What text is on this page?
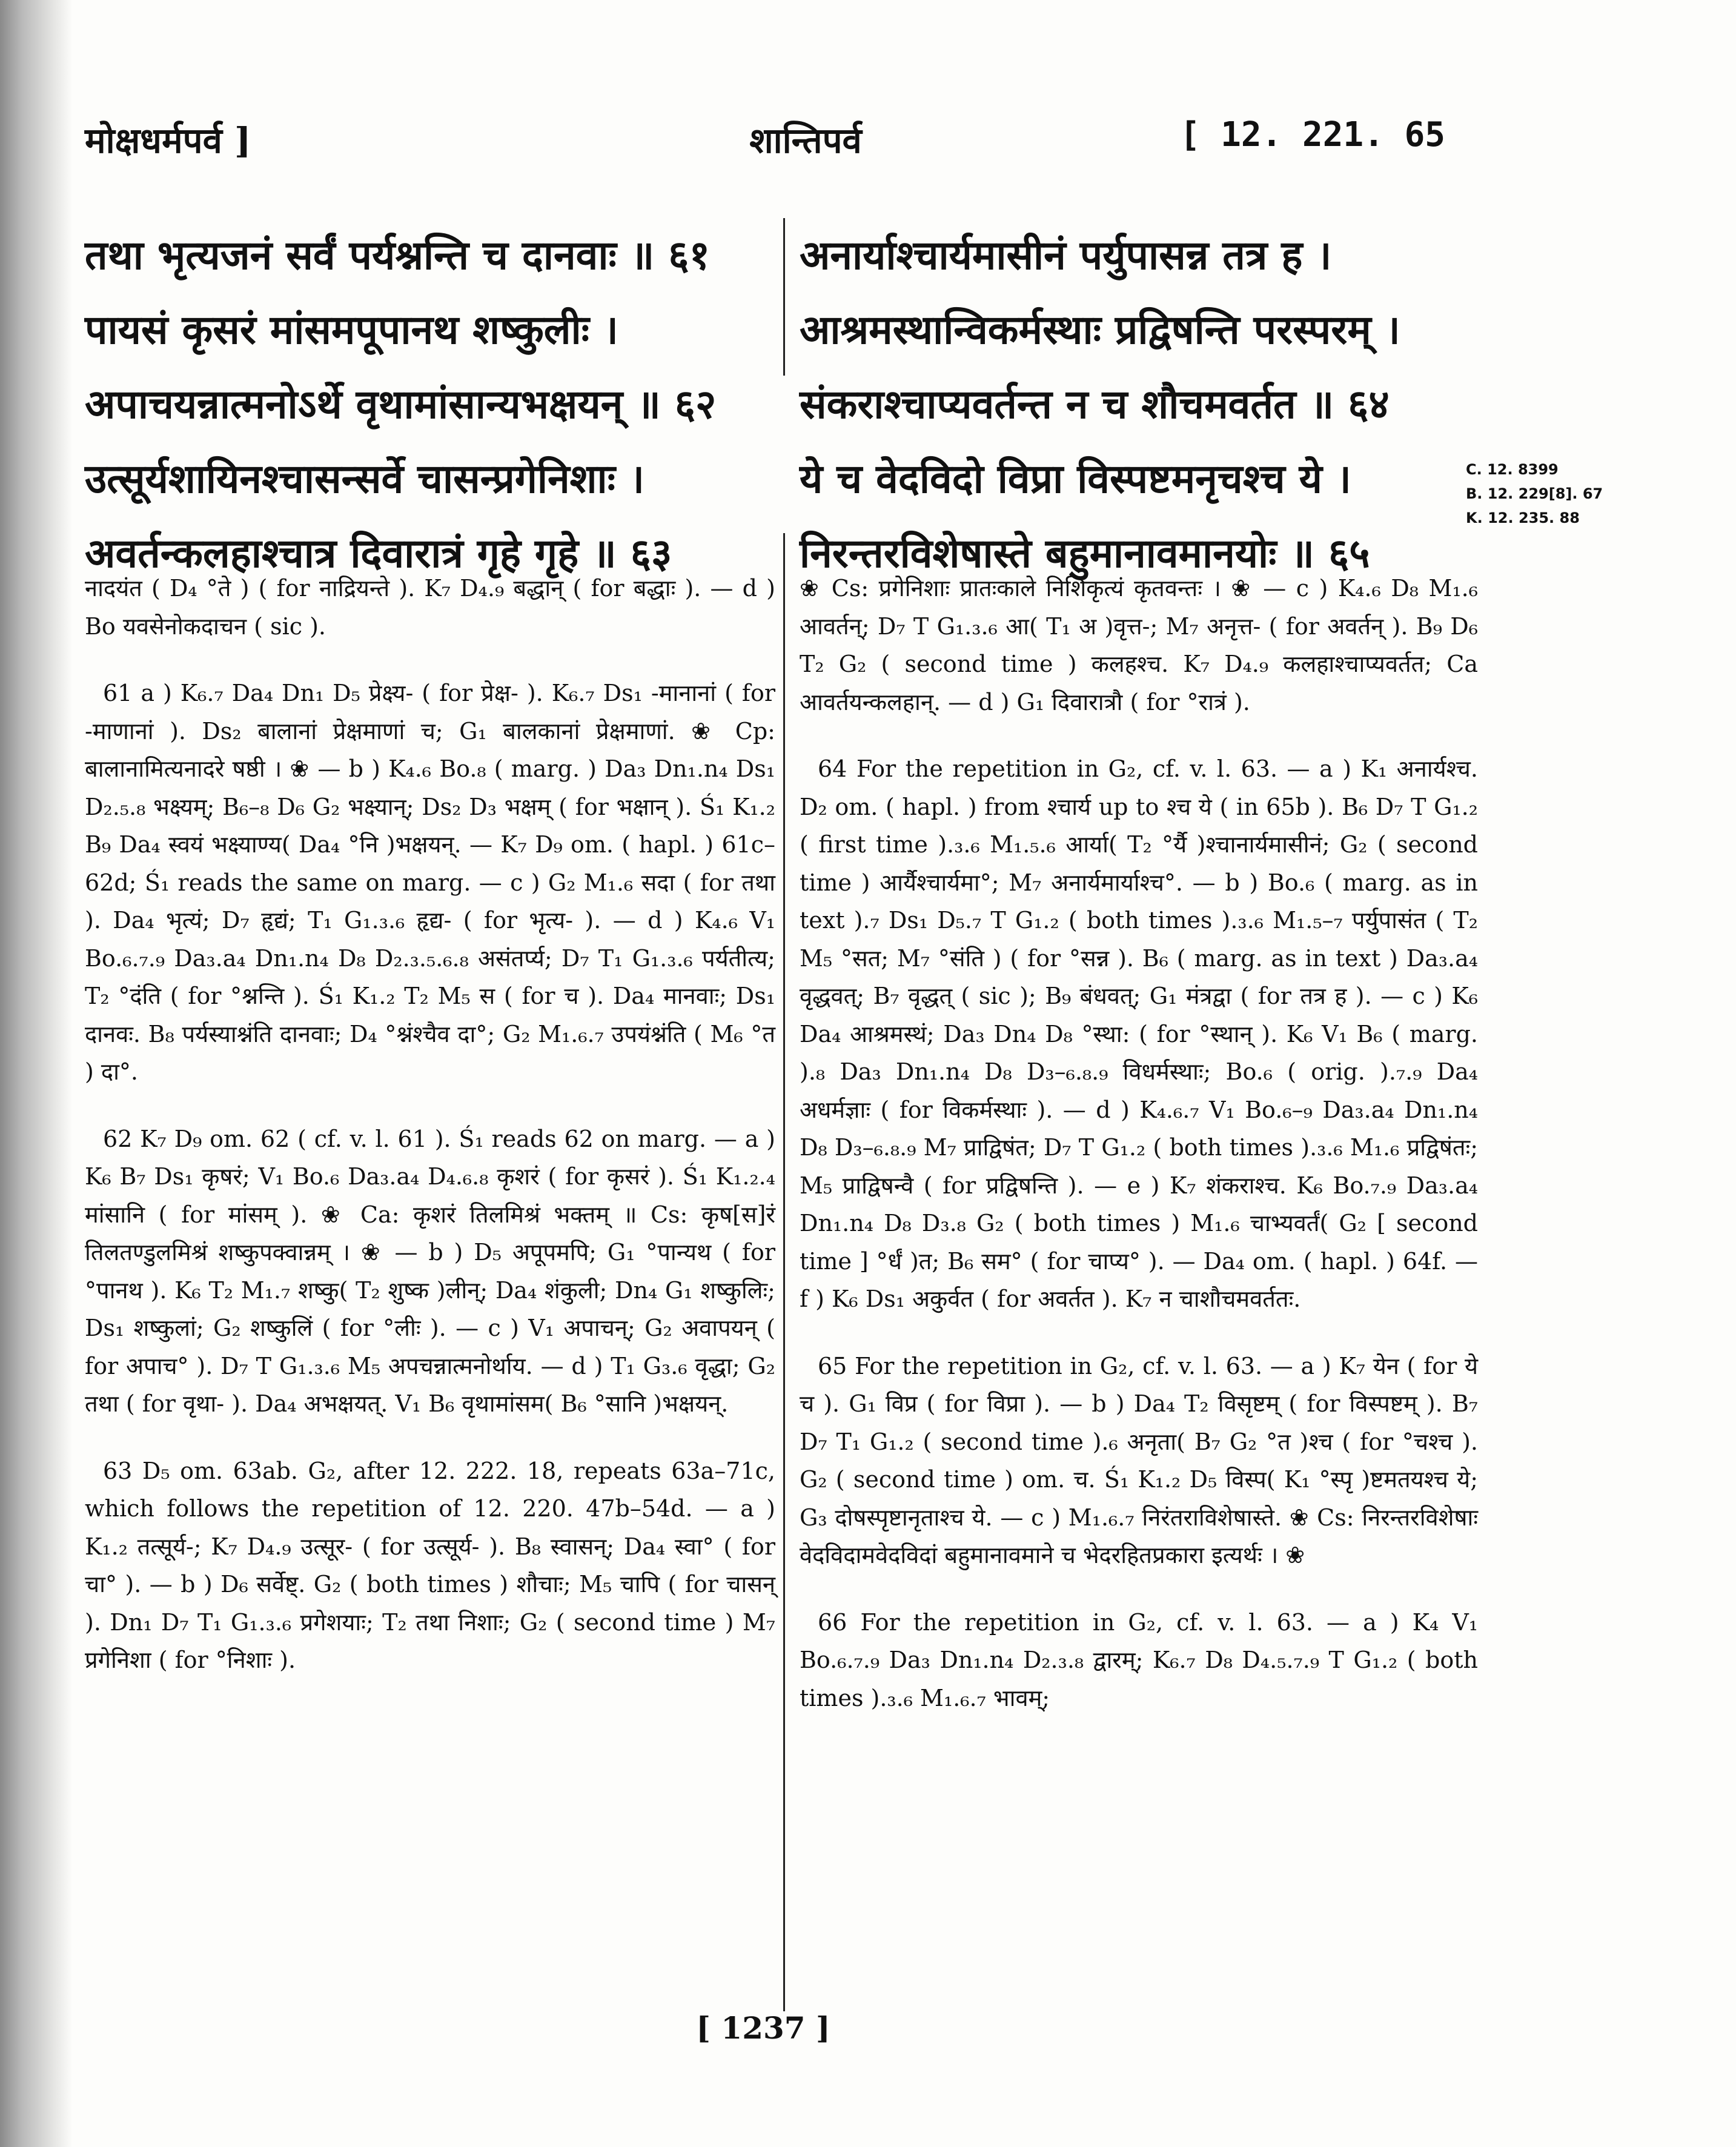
मोक्षधर्मपर्व ]	शान्तिपर्व	[ 12. 221. 65
तथा भृत्यजनं सर्वं पर्यश्नन्ति च दानवाः ॥ ६१
पायसं कृसरं मांसमपूपानथ शष्कुलीः ।
अपाचयन्नात्मनोऽर्थे वृथामांसान्यभक्षयन् ॥ ६२
उत्सूर्यशायिनश्चासन्सर्वे चासन्प्रगेनिशाः ।
अवर्तन्कलहाश्चात्र दिवारात्रं गृहे गृहे ॥ ६३
अनार्याश्चार्यमासीनं पर्युपासन्न तत्र ह ।
आश्रमस्थान्विकर्मस्थाः प्रद्विषन्ति परस्परम् ।
संकराश्चाप्यवर्तन्त न च शौचमवर्तत ॥ ६४
ये च वेदविदो विप्रा विस्पष्टमनृचश्च ये ।
निरन्तरविशेषास्ते बहुमानावमानयोः ॥ ६५
C. 12. 8399
B. 12. 229[8]. 67
K. 12. 235. 88

नादयंत ( D₄ °ते ) ( for नाद्रियन्ते ). K₇ D₄.₉ बद्धान् ( for बद्धाः ). — d ) Bo यवसेनोकदाचन ( sic ).

61 a ) K₆.₇ Da₄ Dn₁ D₅ प्रेक्ष्य- ( for प्रेक्ष- ). K₆.₇ Ds₁ -मानानां ( for -माणानां ). Ds₂ बालानां प्रेक्षमाणां च; G₁ बालकानां प्रेक्षमाणां. ❀ Cp: बालानामित्यनादरे षष्ठी । ❀ — b ) K₄.₆ Bo.₈ ( marg. ) Da₃ Dn₁.n₄ Ds₁ D₂.₅.₈ भक्ष्यम्; B₆–₈ D₆ G₂ भक्ष्यान्; Ds₂ D₃ भक्षम् ( for भक्षान् ). Ś₁ K₁.₂ B₉ Da₄ स्वयं भक्ष्याण्य( Da₄ °नि )भक्षयन्. — K₇ D₉ om. ( hapl. ) 61c–62d; Ś₁ reads the same on marg. — c ) G₂ M₁.₆ सदा ( for तथा ). Da₄ भृत्यं; D₇ हृद्यं; T₁ G₁.₃.₆ हृद्य- ( for भृत्य- ). — d ) K₄.₆ V₁ Bo.₆.₇.₉ Da₃.a₄ Dn₁.n₄ D₈ D₂.₃.₅.₆.₈ असंतर्प्य; D₇ T₁ G₁.₃.₆ पर्यतीत्य; T₂ °दंति ( for °श्नन्ति ). Ś₁ K₁.₂ T₂ M₅ स ( for च ). Da₄ मानवाः; Ds₁ दानवः. B₈ पर्यस्याश्नंति दानवाः; D₄ °श्नंश्चैव दा°; G₂ M₁.₆.₇ उपयंश्नंति ( M₆ °त ) दा°.

62 K₇ D₉ om. 62 ( cf. v. l. 61 ). Ś₁ reads 62 on marg. — a ) K₆ B₇ Ds₁ कृषरं; V₁ Bo.₆ Da₃.a₄ D₄.₆.₈ कृशरं ( for कृसरं ). Ś₁ K₁.₂.₄ मांसानि ( for मांसम् ). ❀ Ca: कृशरं तिलमिश्रं भक्तम् ॥ Cs: कृष[स]रं तिलतण्डुलमिश्रं शष्कुपक्वान्नम् । ❀ — b ) D₅ अपूपमपि; G₁ °पान्यथ ( for °पानथ ). K₆ T₂ M₁.₇ शष्कु( T₂ शुष्क )लीन्; Da₄ शंकुली; Dn₄ G₁ शष्कुलिः; Ds₁ शष्कुलां; G₂ शष्कुलिं ( for °लीः ). — c ) V₁ अपाचन्; G₂ अवापयन् ( for अपाच° ). D₇ T G₁.₃.₆ M₅ अपचन्नात्मनोर्थाय. — d ) T₁ G₃.₆ वृद्धा; G₂ तथा ( for वृथा- ). Da₄ अभक्षयत्. V₁ B₆ वृथामांसम( B₆ °सानि )भक्षयन्.

63 D₅ om. 63ab. G₂, after 12. 222. 18, repeats 63a–71c, which follows the repetition of 12. 220. 47b–54d. — a ) K₁.₂ तत्सूर्य-; K₇ D₄.₉ उत्सूर- ( for उत्सूर्य- ). B₈ स्वासन्; Da₄ स्वा° ( for चा° ). — b ) D₆ सर्वेष्ट्. G₂ ( both times ) शौचाः; M₅ चापि ( for चासन् ). Dn₁ D₇ T₁ G₁.₃.₆ प्रगेशयाः; T₂ तथा निशाः; G₂ ( second time ) M₇ प्रगेनिशा ( for °निशाः ).

❀ Cs: प्रगेनिशाः प्रातःकाले निशिकृत्यं कृतवन्तः । ❀ — c ) K₄.₆ D₈ M₁.₆ आवर्तन्; D₇ T G₁.₃.₆ आ( T₁ अ )वृत्त-; M₇ अनृत्त- ( for अवर्तन् ). B₉ D₆ T₂ G₂ ( second time ) कलहश्च. K₇ D₄.₉ कलहाश्चाप्यवर्तत; Ca आवर्तयन्कलहान्. — d ) G₁ दिवारात्रौ ( for °रात्रं ).

64 For the repetition in G₂, cf. v. l. 63. — a ) K₁ अनार्यश्च. D₂ om. ( hapl. ) from श्चार्य up to श्च ये ( in 65b ). B₆ D₇ T G₁.₂ ( first time ).₃.₆ M₁.₅.₆ आर्या( T₂ °र्यै )श्चानार्यमासीनं; G₂ ( second time ) आर्यैश्चार्यमा°; M₇ अनार्यमार्याश्च°. — b ) Bo.₆ ( marg. as in text ).₇ Ds₁ D₅.₇ T G₁.₂ ( both times ).₃.₆ M₁.₅–₇ पर्युपासंत ( T₂ M₅ °सत; M₇ °संति ) ( for °सन्न ). B₆ ( marg. as in text ) Da₃.a₄ वृद्धवत्; B₇ वृद्धत् ( sic ); B₉ बंधवत्; G₁ मंत्रद्वा ( for तत्र ह ). — c ) K₆ Da₄ आश्रमस्थं; Da₃ Dn₄ D₈ °स्था: ( for °स्थान् ). K₆ V₁ B₆ ( marg. ).₈ Da₃ Dn₁.n₄ D₈ D₃–₆.₈.₉ विधर्मस्थाः; Bo.₆ ( orig. ).₇.₉ Da₄ अधर्मज्ञाः ( for विकर्मस्थाः ). — d ) K₄.₆.₇ V₁ Bo.₆–₉ Da₃.a₄ Dn₁.n₄ D₈ D₃–₆.₈.₉ M₇ प्राद्विषंत; D₇ T G₁.₂ ( both times ).₃.₆ M₁.₆ प्रद्विषंतः; M₅ प्राद्विषन्वै ( for प्रद्विषन्ति ). — e ) K₇ शंकराश्च. K₆ Bo.₇.₉ Da₃.a₄ Dn₁.n₄ D₈ D₃.₈ G₂ ( both times ) M₁.₆ चाभ्यवर्तं( G₂ [ second time ] °र्धं )त; B₆ सम° ( for चाप्य° ). — Da₄ om. ( hapl. ) 64f. — f ) K₆ Ds₁ अकुर्वत ( for अवर्तत ). K₇ न चाशौचमवर्ततः.

65 For the repetition in G₂, cf. v. l. 63. — a ) K₇ येन ( for ये च ). G₁ विप्र ( for विप्रा ). — b ) Da₄ T₂ विसृष्टम् ( for विस्पष्टम् ). B₇ D₇ T₁ G₁.₂ ( second time ).₆ अनृता( B₇ G₂ °त )श्च ( for °चश्च ). G₂ ( second time ) om. च. Ś₁ K₁.₂ D₅ विस्प( K₁ °स्पृ )ष्टमतयश्च ये; G₃ दोषस्पृष्टानृताश्च ये. — c ) M₁.₆.₇ निरंतराविशेषास्ते. ❀ Cs: निरन्तरविशेषाः वेदविदामवेदविदां बहुमानावमाने च भेदरहितप्रकारा इत्यर्थः । ❀

66 For the repetition in G₂, cf. v. l. 63. — a ) K₄ V₁ Bo.₆.₇.₉ Da₃ Dn₁.n₄ D₂.₃.₈ द्वारम्; K₆.₇ D₈ D₄.₅.₇.₉ T G₁.₂ ( both times ).₃.₆ M₁.₆.₇ भावम्;

[ 1237 ]
